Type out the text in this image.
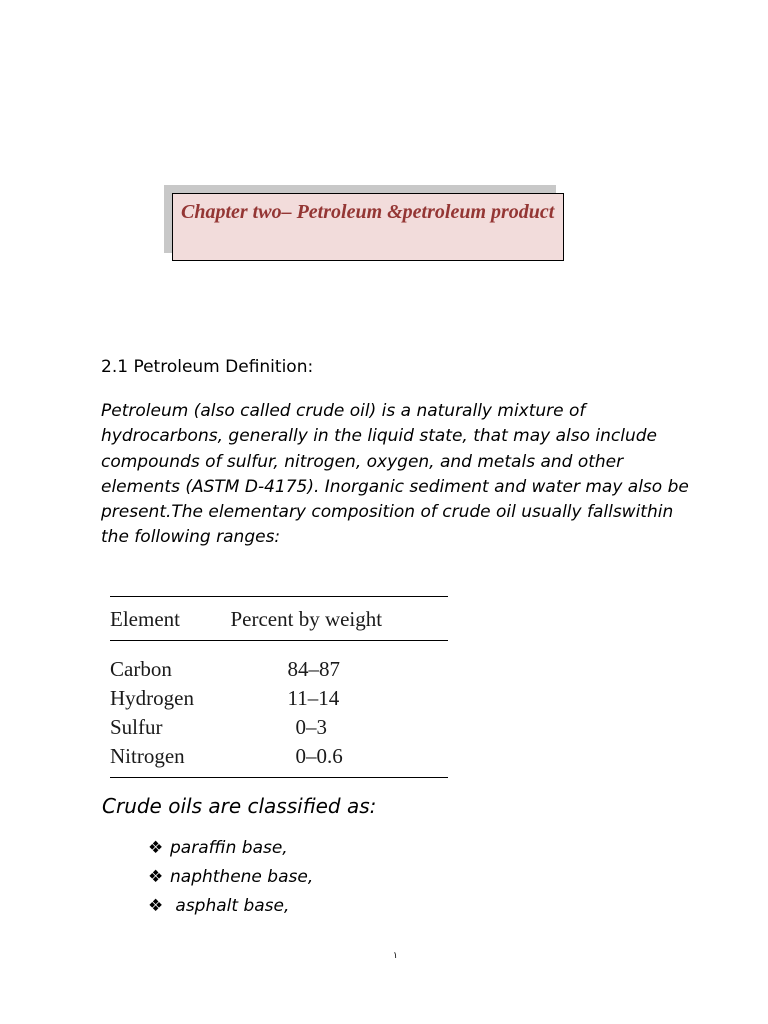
Chapter two– Petroleum &petroleum product
2.1 Petroleum Definition:

Petroleum (also called crude oil) is a naturally mixture of hydrocarbons, generally in the liquid state, that may also include compounds of sulfur, nitrogen, oxygen, and metals and other elements (ASTM D-4175). Inorganic sediment and water may also be present.The elementary composition of crude oil usually fallswithin the following ranges:

Element	Percent by weight
Carbon	84–87
Hydrogen	11–14
Sulfur	0–3
Nitrogen	0–0.6
Crude oils are classified as:
❖ paraffin base,
❖ naphthene base,
❖ asphalt base,
١
